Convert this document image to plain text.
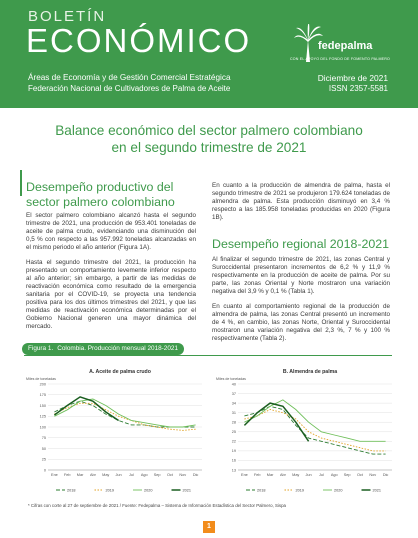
BOLETÍN
ECONÓMICO
Áreas de Economía y de Gestión Comercial Estratégica
Federación Nacional de Cultivadores de Palma de Aceite
Diciembre de 2021
ISSN 2357-5581
fedepalma
CON EL APOYO DEL FONDO DE FOMENTO PALMERO
Balance económico del sector palmero colombiano
en el segundo trimestre de 2021
Desempeño productivo del sector palmero colombiano

El sector palmero colombiano alcanzó hasta el segundo trimestre de 2021, una producción de 953.401 toneladas de aceite de palma crudo, evidenciando una disminución del 0,5 % con respecto a las 957.992 toneladas alcanzadas en el mismo periodo el año anterior (Figura 1A).

Hasta el segundo trimestre del 2021, la producción ha presentado un comportamiento levemente inferior respecto al año anterior; sin embargo, a partir de las medidas de reactivación económica como resultado de la emergencia sanitaria por el COVID-19, se proyecta una tendencia positiva para los dos últimos trimestres del 2021, y que las medidas de reactivación económica determinadas por el Gobierno Nacional generen una mayor dinámica del mercado.

En cuanto a la producción de almendra de palma, hasta el segundo trimestre de 2021 se produjeron 179.624 toneladas de almendra de palma. Esta producción disminuyó en 3,4 % respecto a las 185.958 toneladas producidas en 2020 (Figura 1B).

Desempeño regional 2018-2021

Al finalizar el segundo trimestre de 2021, las zonas Central y Suroccidental presentaron incrementos de 6,2 % y 11,9 % respectivamente en la producción de aceite de palma. Por su parte, las zonas Oriental y Norte mostraron una variación negativa del 3,9 % y 0,1 % (Tabla 1).

En cuanto al comportamiento regional de la producción de almendra de palma, las zonas Central presentó un incremento de 4 %, en cambio, las zonas Norte, Oriental y Suroccidental mostraron una variación negativa del 2,3 %, 7 % y 100 % respectivamente (Tabla 2).

Figura 1. Colombia. Producción mensual 2018-2021
A. Aceite de palma crudo
Miles de toneladas
0
25
50
75
100
125
150
175
200
Ene Feb Mar Abr May Jun Jul Ago Sep Oct Nov Dic
2018	2019	2020	2021
B. Almendra de palma
Miles de toneladas
13
16
19
22
25
28
31
34
37
40
Ene Feb Mar Abr May Jun Jul Ago Sep Oct Nov Dic
2018	2019	2020	2021
* Cifras con corte al 27 de septiembre de 2021 / Fuente: Fedepalma – Sistema de Información Estadística del Sector Palmero, Sispa
1
